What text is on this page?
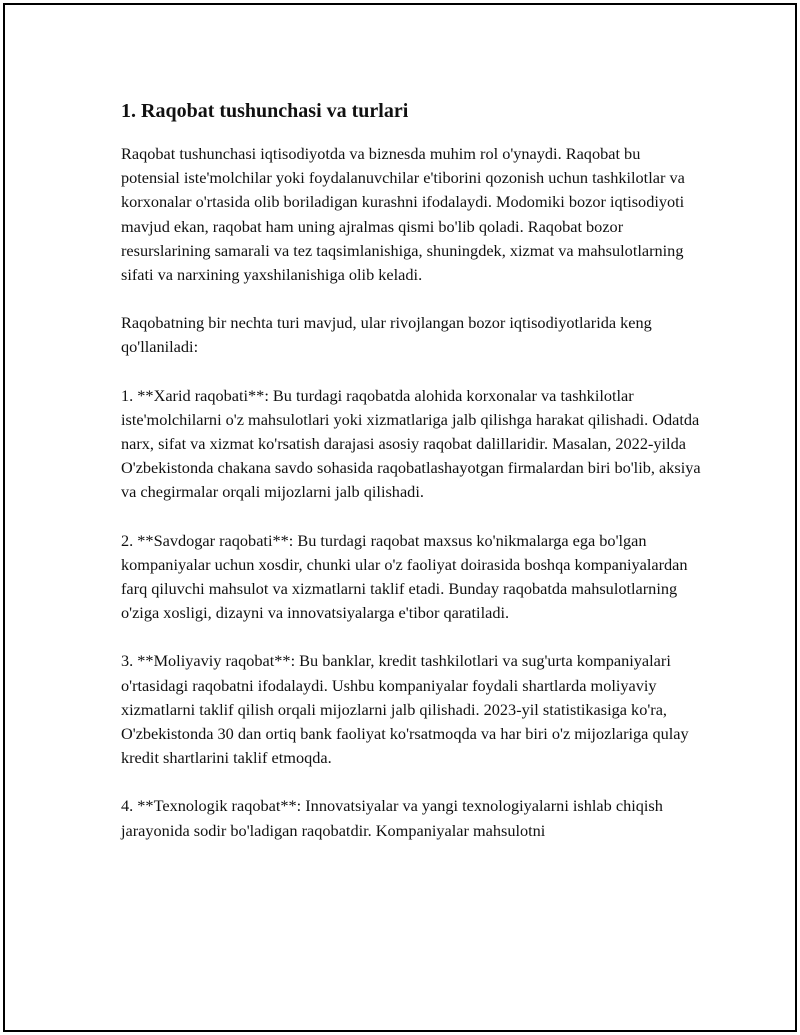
1. Raqobat tushunchasi va turlari

Raqobat tushunchasi iqtisodiyotda va biznesda muhim rol o'ynaydi. Raqobat bu potensial iste'molchilar yoki foydalanuvchilar e'tiborini qozonish uchun tashkilotlar va korxonalar o'rtasida olib boriladigan kurashni ifodalaydi. Modomiki bozor iqtisodiyoti mavjud ekan, raqobat ham uning ajralmas qismi bo'lib qoladi. Raqobat bozor resurslarining samarali va tez taqsimlanishiga, shuningdek, xizmat va mahsulotlarning sifati va narxining yaxshilanishiga olib keladi.

Raqobatning bir nechta turi mavjud, ular rivojlangan bozor iqtisodiyotlarida keng qo'llaniladi:

1. **Xarid raqobati**: Bu turdagi raqobatda alohida korxonalar va tashkilotlar iste'molchilarni o'z mahsulotlari yoki xizmatlariga jalb qilishga harakat qilishadi. Odatda narx, sifat va xizmat ko'rsatish darajasi asosiy raqobat dalillaridir. Masalan, 2022-yilda O'zbekistonda chakana savdo sohasida raqobatlashayotgan firmalardan biri bo'lib, aksiya va chegirmalar orqali mijozlarni jalb qilishadi.

2. **Savdogar raqobati**: Bu turdagi raqobat maxsus ko'nikmalarga ega bo'lgan kompaniyalar uchun xosdir, chunki ular o'z faoliyat doirasida boshqa kompaniyalardan farq qiluvchi mahsulot va xizmatlarni taklif etadi. Bunday raqobatda mahsulotlarning o'ziga xosligi, dizayni va innovatsiyalarga e'tibor qaratiladi.

3. **Moliyaviy raqobat**: Bu banklar, kredit tashkilotlari va sug'urta kompaniyalari o'rtasidagi raqobatni ifodalaydi. Ushbu kompaniyalar foydali shartlarda moliyaviy xizmatlarni taklif qilish orqali mijozlarni jalb qilishadi. 2023-yil statistikasiga ko'ra, O'zbekistonda 30 dan ortiq bank faoliyat ko'rsatmoqda va har biri o'z mijozlariga qulay kredit shartlarini taklif etmoqda.

4. **Texnologik raqobat**: Innovatsiyalar va yangi texnologiyalarni ishlab chiqish jarayonida sodir bo'ladigan raqobatdir. Kompaniyalar mahsulotni
